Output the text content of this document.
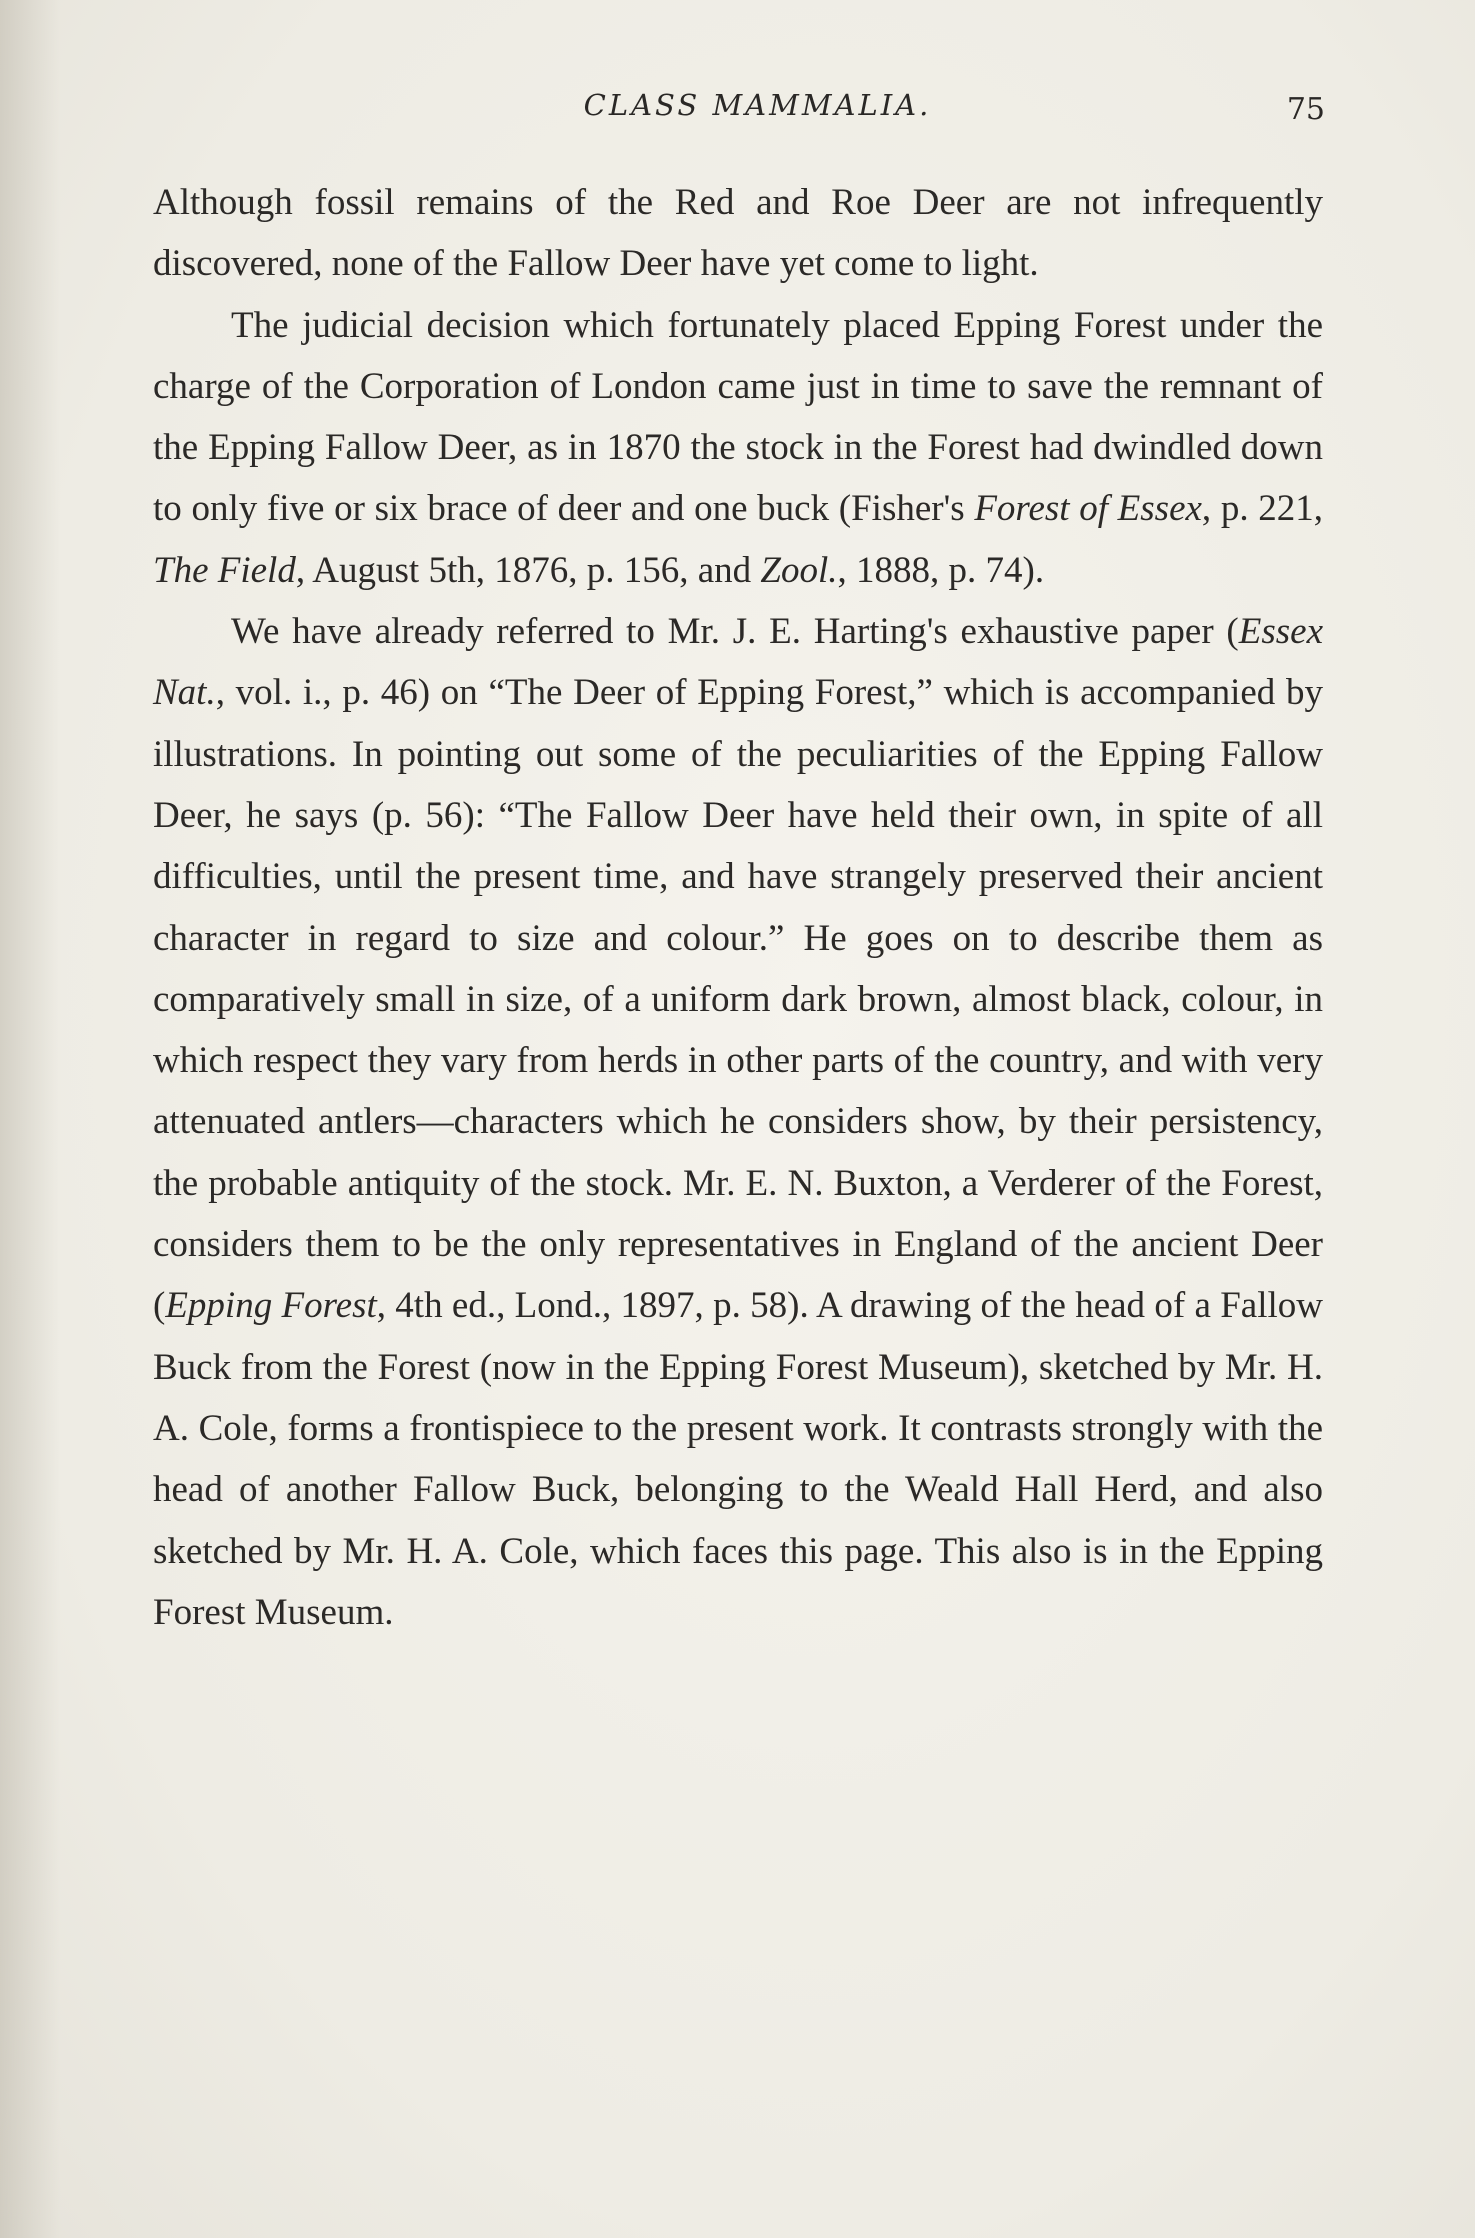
CLASS MAMMALIA.	75

Although fossil remains of the Red and Roe Deer are not infrequently discovered, none of the Fallow Deer have yet come to light.

The judicial decision which fortunately placed Epping Forest under the charge of the Corporation of London came just in time to save the remnant of the Epping Fallow Deer, as in 1870 the stock in the Forest had dwindled down to only five or six brace of deer and one buck (Fisher's Forest of Essex, p. 221, The Field, August 5th, 1876, p. 156, and Zool., 1888, p. 74).

We have already referred to Mr. J. E. Harting's exhaustive paper (Essex Nat., vol. i., p. 46) on “The Deer of Epping Forest,” which is accompanied by illustrations. In pointing out some of the peculiarities of the Epping Fallow Deer, he says (p. 56): “The Fallow Deer have held their own, in spite of all difficulties, until the present time, and have strangely preserved their ancient character in regard to size and colour.” He goes on to describe them as comparatively small in size, of a uniform dark brown, almost black, colour, in which respect they vary from herds in other parts of the country, and with very attenuated antlers—characters which he considers show, by their persistency, the probable antiquity of the stock. Mr. E. N. Buxton, a Verderer of the Forest, considers them to be the only representatives in England of the ancient Deer (Epping Forest, 4th ed., Lond., 1897, p. 58). A drawing of the head of a Fallow Buck from the Forest (now in the Epping Forest Museum), sketched by Mr. H. A. Cole, forms a frontispiece to the present work. It contrasts strongly with the head of another Fallow Buck, belonging to the Weald Hall Herd, and also sketched by Mr. H. A. Cole, which faces this page. This also is in the Epping Forest Museum.
